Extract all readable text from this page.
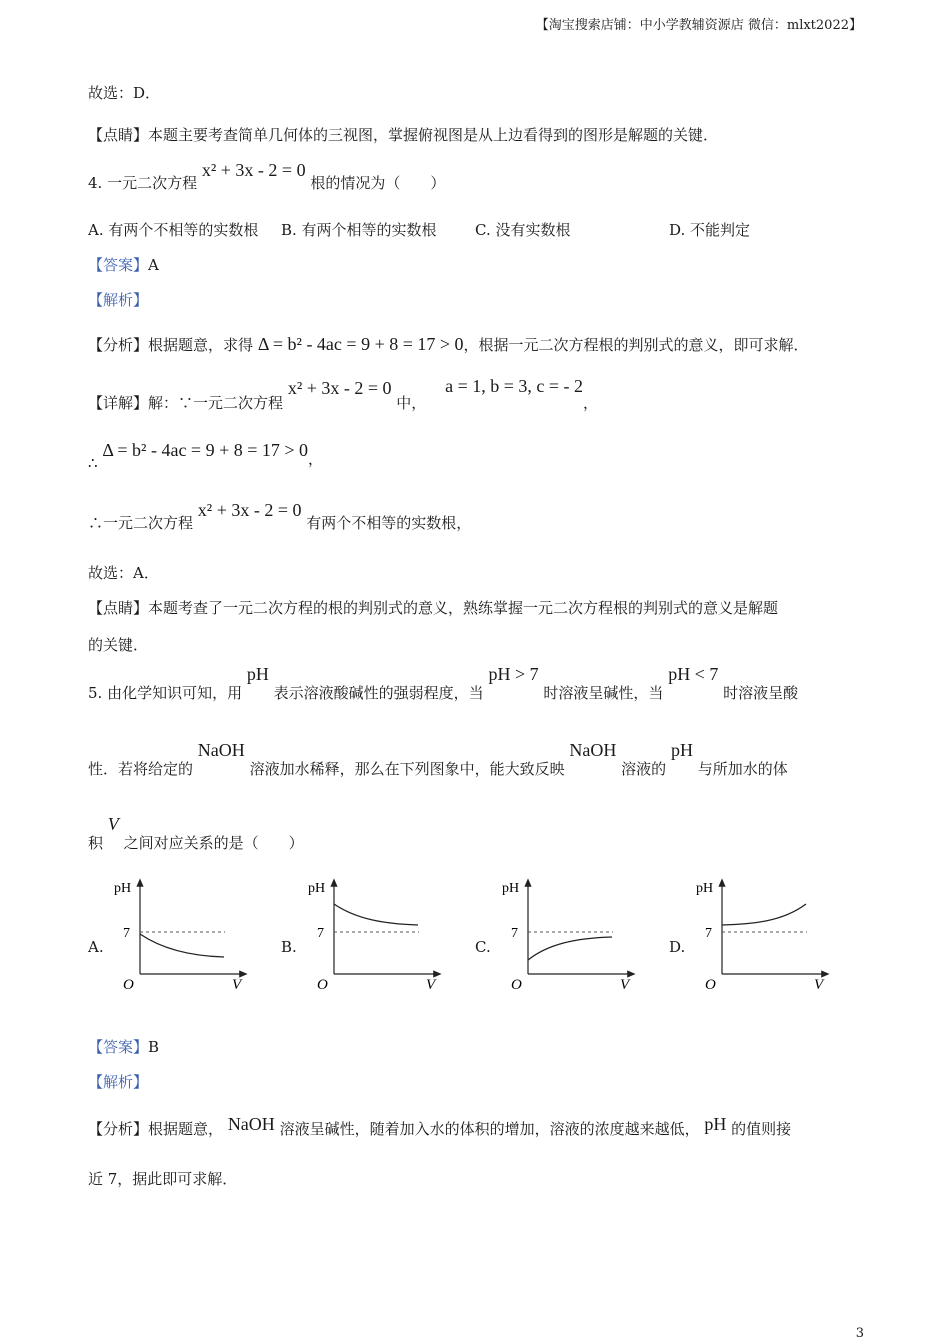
【淘宝搜索店铺：中小学教辅资源店 微信：mlxt2022】
故选：D．
【点睛】本题主要考查简单几何体的三视图，掌握俯视图是从上边看得到的图形是解题的关键．
4. 一元二次方程 x² + 3x - 2 = 0 根的情况为（　　）
A. 有两个不相等的实数根 B. 有两个相等的实数根	C. 没有实数根	D. 不能判定
【答案】A
【解析】
【分析】根据题意，求得 Δ = b² - 4ac = 9 + 8 = 17 > 0，根据一元二次方程根的判别式的意义，即可求解．
【详解】解：∵一元二次方程 x² + 3x - 2 = 0 中， a = 1, b = 3, c = - 2，
∴ Δ = b² - 4ac = 9 + 8 = 17 > 0，
∴一元二次方程 x² + 3x - 2 = 0 有两个不相等的实数根，
故选：A．
【点睛】本题考查了一元二次方程的根的判别式的意义，熟练掌握一元二次方程根的判别式的意义是解题
的关键．
5. 由化学知识可知，用 pH 表示溶液酸碱性的强弱程度，当 pH > 7 时溶液呈碱性，当 pH < 7 时溶液呈酸
性．若将给定的 NaOH 溶液加水稀释，那么在下列图象中，能大致反映 NaOH 溶液的 pH 与所加水的体
积 V 之间对应关系的是（　　）
A.	B.	C.	D.
pH
7
O	V
pH
7
O	V
pH
7
O	V
pH
7
O	V
【答案】B
【解析】
【分析】根据题意， NaOH 溶液呈碱性，随着加入水的体积的增加，溶液的浓度越来越低， pH 的值则接
近 7，据此即可求解．
3
